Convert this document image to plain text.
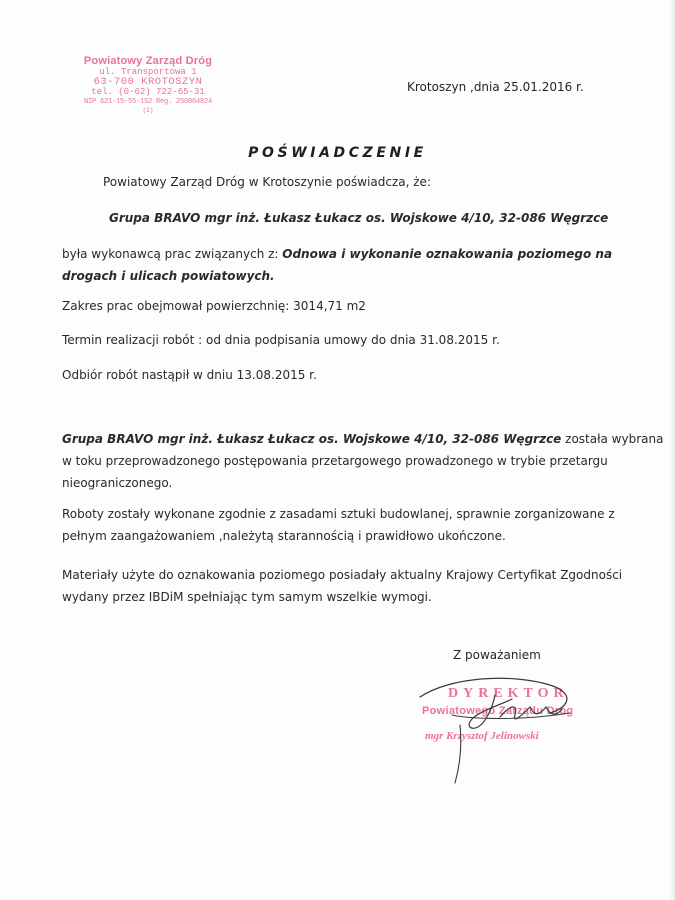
Powiatowy Zarząd Dróg
ul. Transportowa 1
63-700 KROTOSZYN
tel. (0-62) 722-65-31
NIP 621-15-55-152 Reg. 250864824
(2)
Krotoszyn ,dnia 25.01.2016 r.
POŚWIADCZENIE
Powiatowy Zarząd Dróg w Krotoszynie poświadcza, że:
Grupa BRAVO mgr inż. Łukasz Łukacz os. Wojskowe 4/10, 32-086 Węgrzce
była wykonawcą prac związanych z: Odnowa i wykonanie oznakowania poziomego na
drogach i ulicach powiatowych.
Zakres prac obejmował powierzchnię: 3014,71 m2
Termin realizacji robót : od dnia podpisania umowy do dnia 31.08.2015 r.
Odbiór robót nastąpił w dniu 13.08.2015 r.
Grupa BRAVO mgr inż. Łukasz Łukacz os. Wojskowe 4/10, 32-086 Węgrzce została wybrana
w toku przeprowadzonego postępowania przetargowego prowadzonego w trybie przetargu
nieograniczonego.
Roboty zostały wykonane zgodnie z zasadami sztuki budowlanej, sprawnie zorganizowane z
pełnym zaangażowaniem ,należytą starannością i prawidłowo ukończone.
Materiały użyte do oznakowania poziomego posiadały aktualny Krajowy Certyfikat Zgodności
wydany przez IBDiM spełniając tym samym wszelkie wymogi.
Z poważaniem
DYREKTOR
Powiatowego Zarządu Dróg
mgr Krzysztof Jelinowski
